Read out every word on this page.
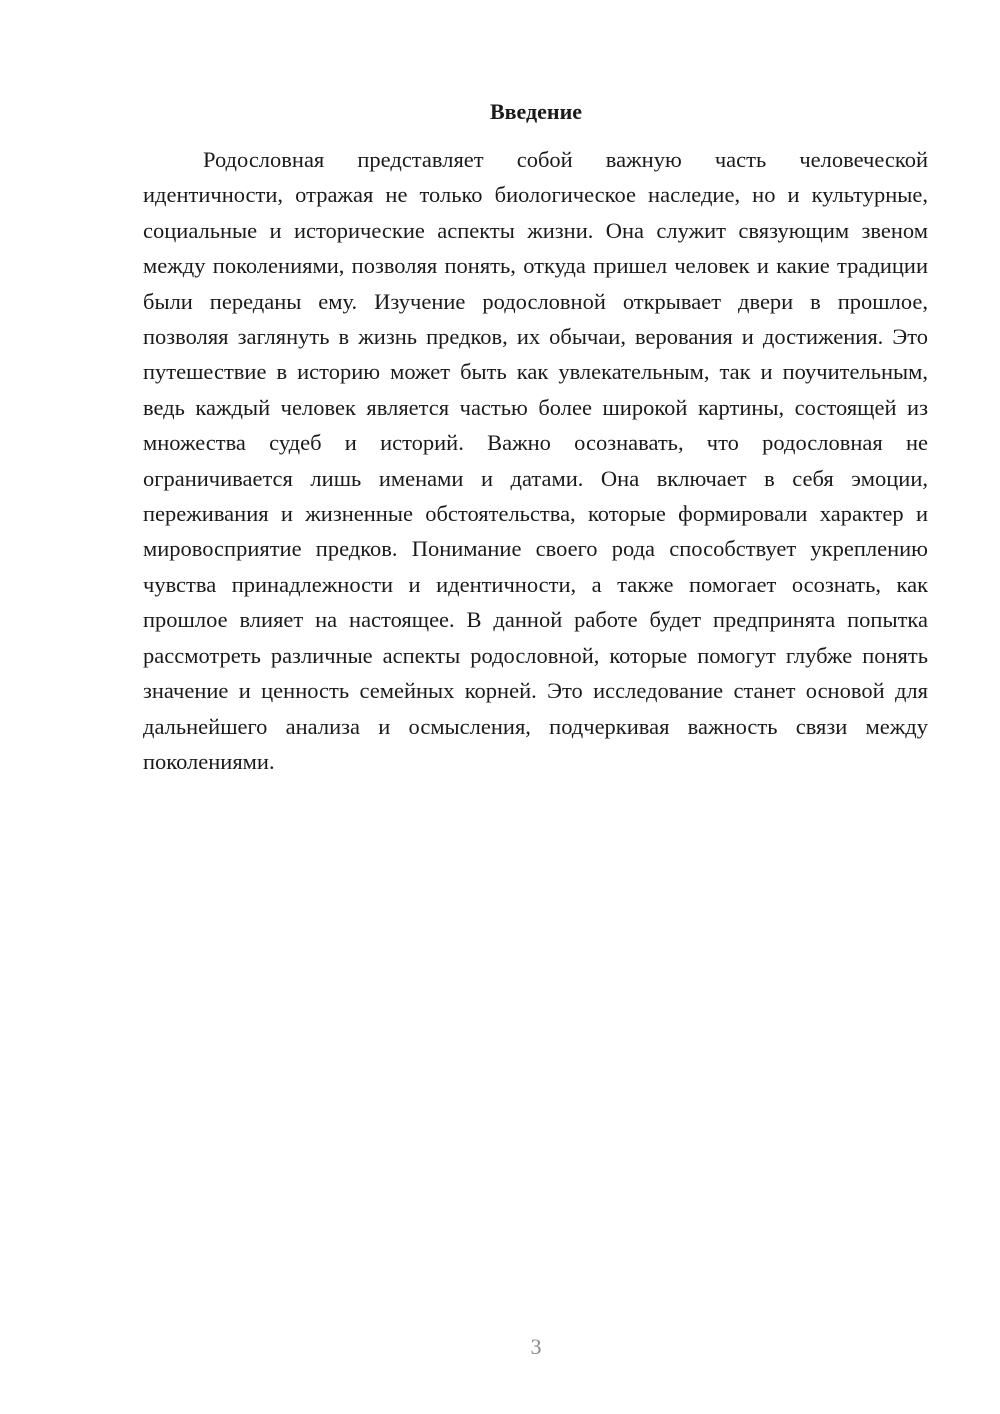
Введение

Родословная представляет собой важную часть человеческой идентичности, отражая не только биологическое наследие, но и культурные, социальные и исторические аспекты жизни. Она служит связующим звеном между поколениями, позволяя понять, откуда пришел человек и какие традиции были переданы ему. Изучение родословной открывает двери в прошлое, позволяя заглянуть в жизнь предков, их обычаи, верования и достижения. Это путешествие в историю может быть как увлекательным, так и поучительным, ведь каждый человек является частью более широкой картины, состоящей из множества судеб и историй. Важно осознавать, что родословная не ограничивается лишь именами и датами. Она включает в себя эмоции, переживания и жизненные обстоятельства, которые формировали характер и мировосприятие предков. Понимание своего рода способствует укреплению чувства принадлежности и идентичности, а также помогает осознать, как прошлое влияет на настоящее. В данной работе будет предпринята попытка рассмотреть различные аспекты родословной, которые помогут глубже понять значение и ценность семейных корней. Это исследование станет основой для дальнейшего анализа и осмысления, подчеркивая важность связи между поколениями.

3
